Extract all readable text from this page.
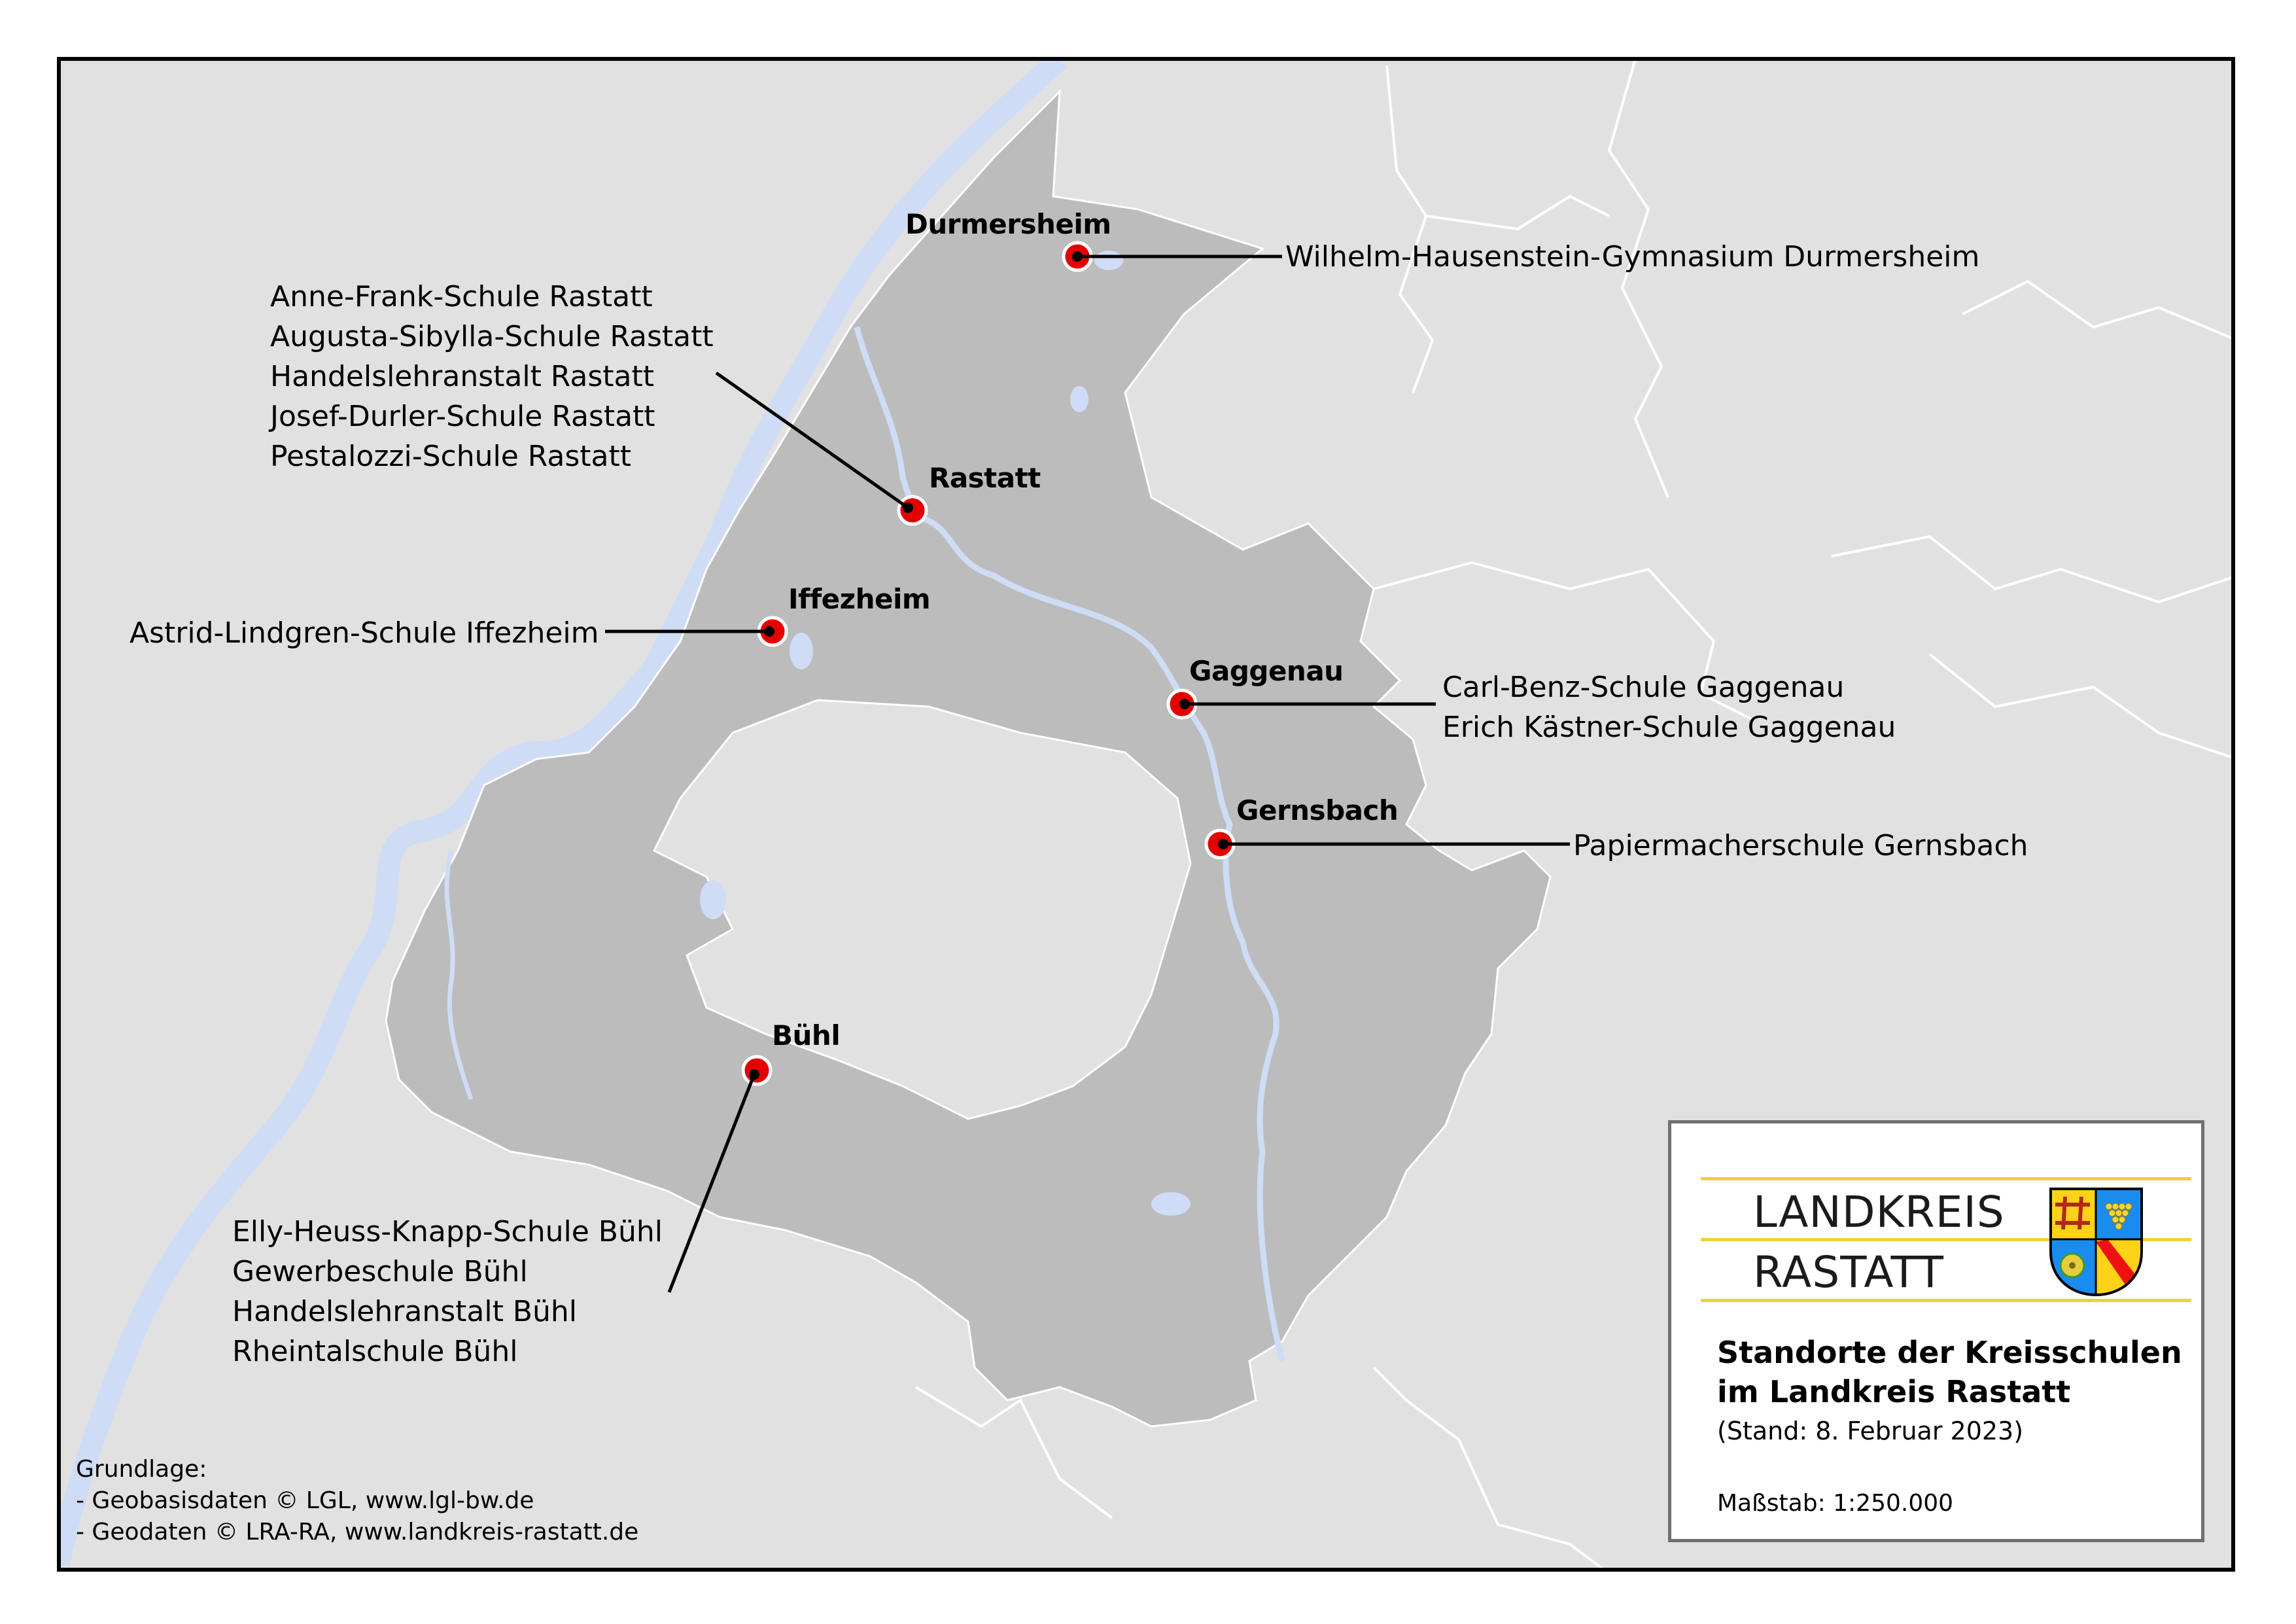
Durmersheim
Rastatt
Iffezheim
Gaggenau
Gernsbach
Bühl
Wilhelm-Hausenstein-Gymnasium Durmersheim
Anne-Frank-Schule Rastatt
Augusta-Sibylla-Schule Rastatt
Handelslehranstalt Rastatt
Josef-Durler-Schule Rastatt
Pestalozzi-Schule Rastatt
Astrid-Lindgren-Schule Iffezheim
Carl-Benz-Schule Gaggenau
Erich Kästner-Schule Gaggenau
Papiermacherschule Gernsbach
Elly-Heuss-Knapp-Schule Bühl
Gewerbeschule Bühl
Handelslehranstalt Bühl
Rheintalschule Bühl
Grundlage:
- Geobasisdaten © LGL, www.lgl-bw.de
- Geodaten © LRA-RA, www.landkreis-rastatt.de
LANDKREIS
RASTATT
Standorte der Kreisschulen
im Landkreis Rastatt
(Stand: 8. Februar 2023)
Maßstab: 1:250.000
